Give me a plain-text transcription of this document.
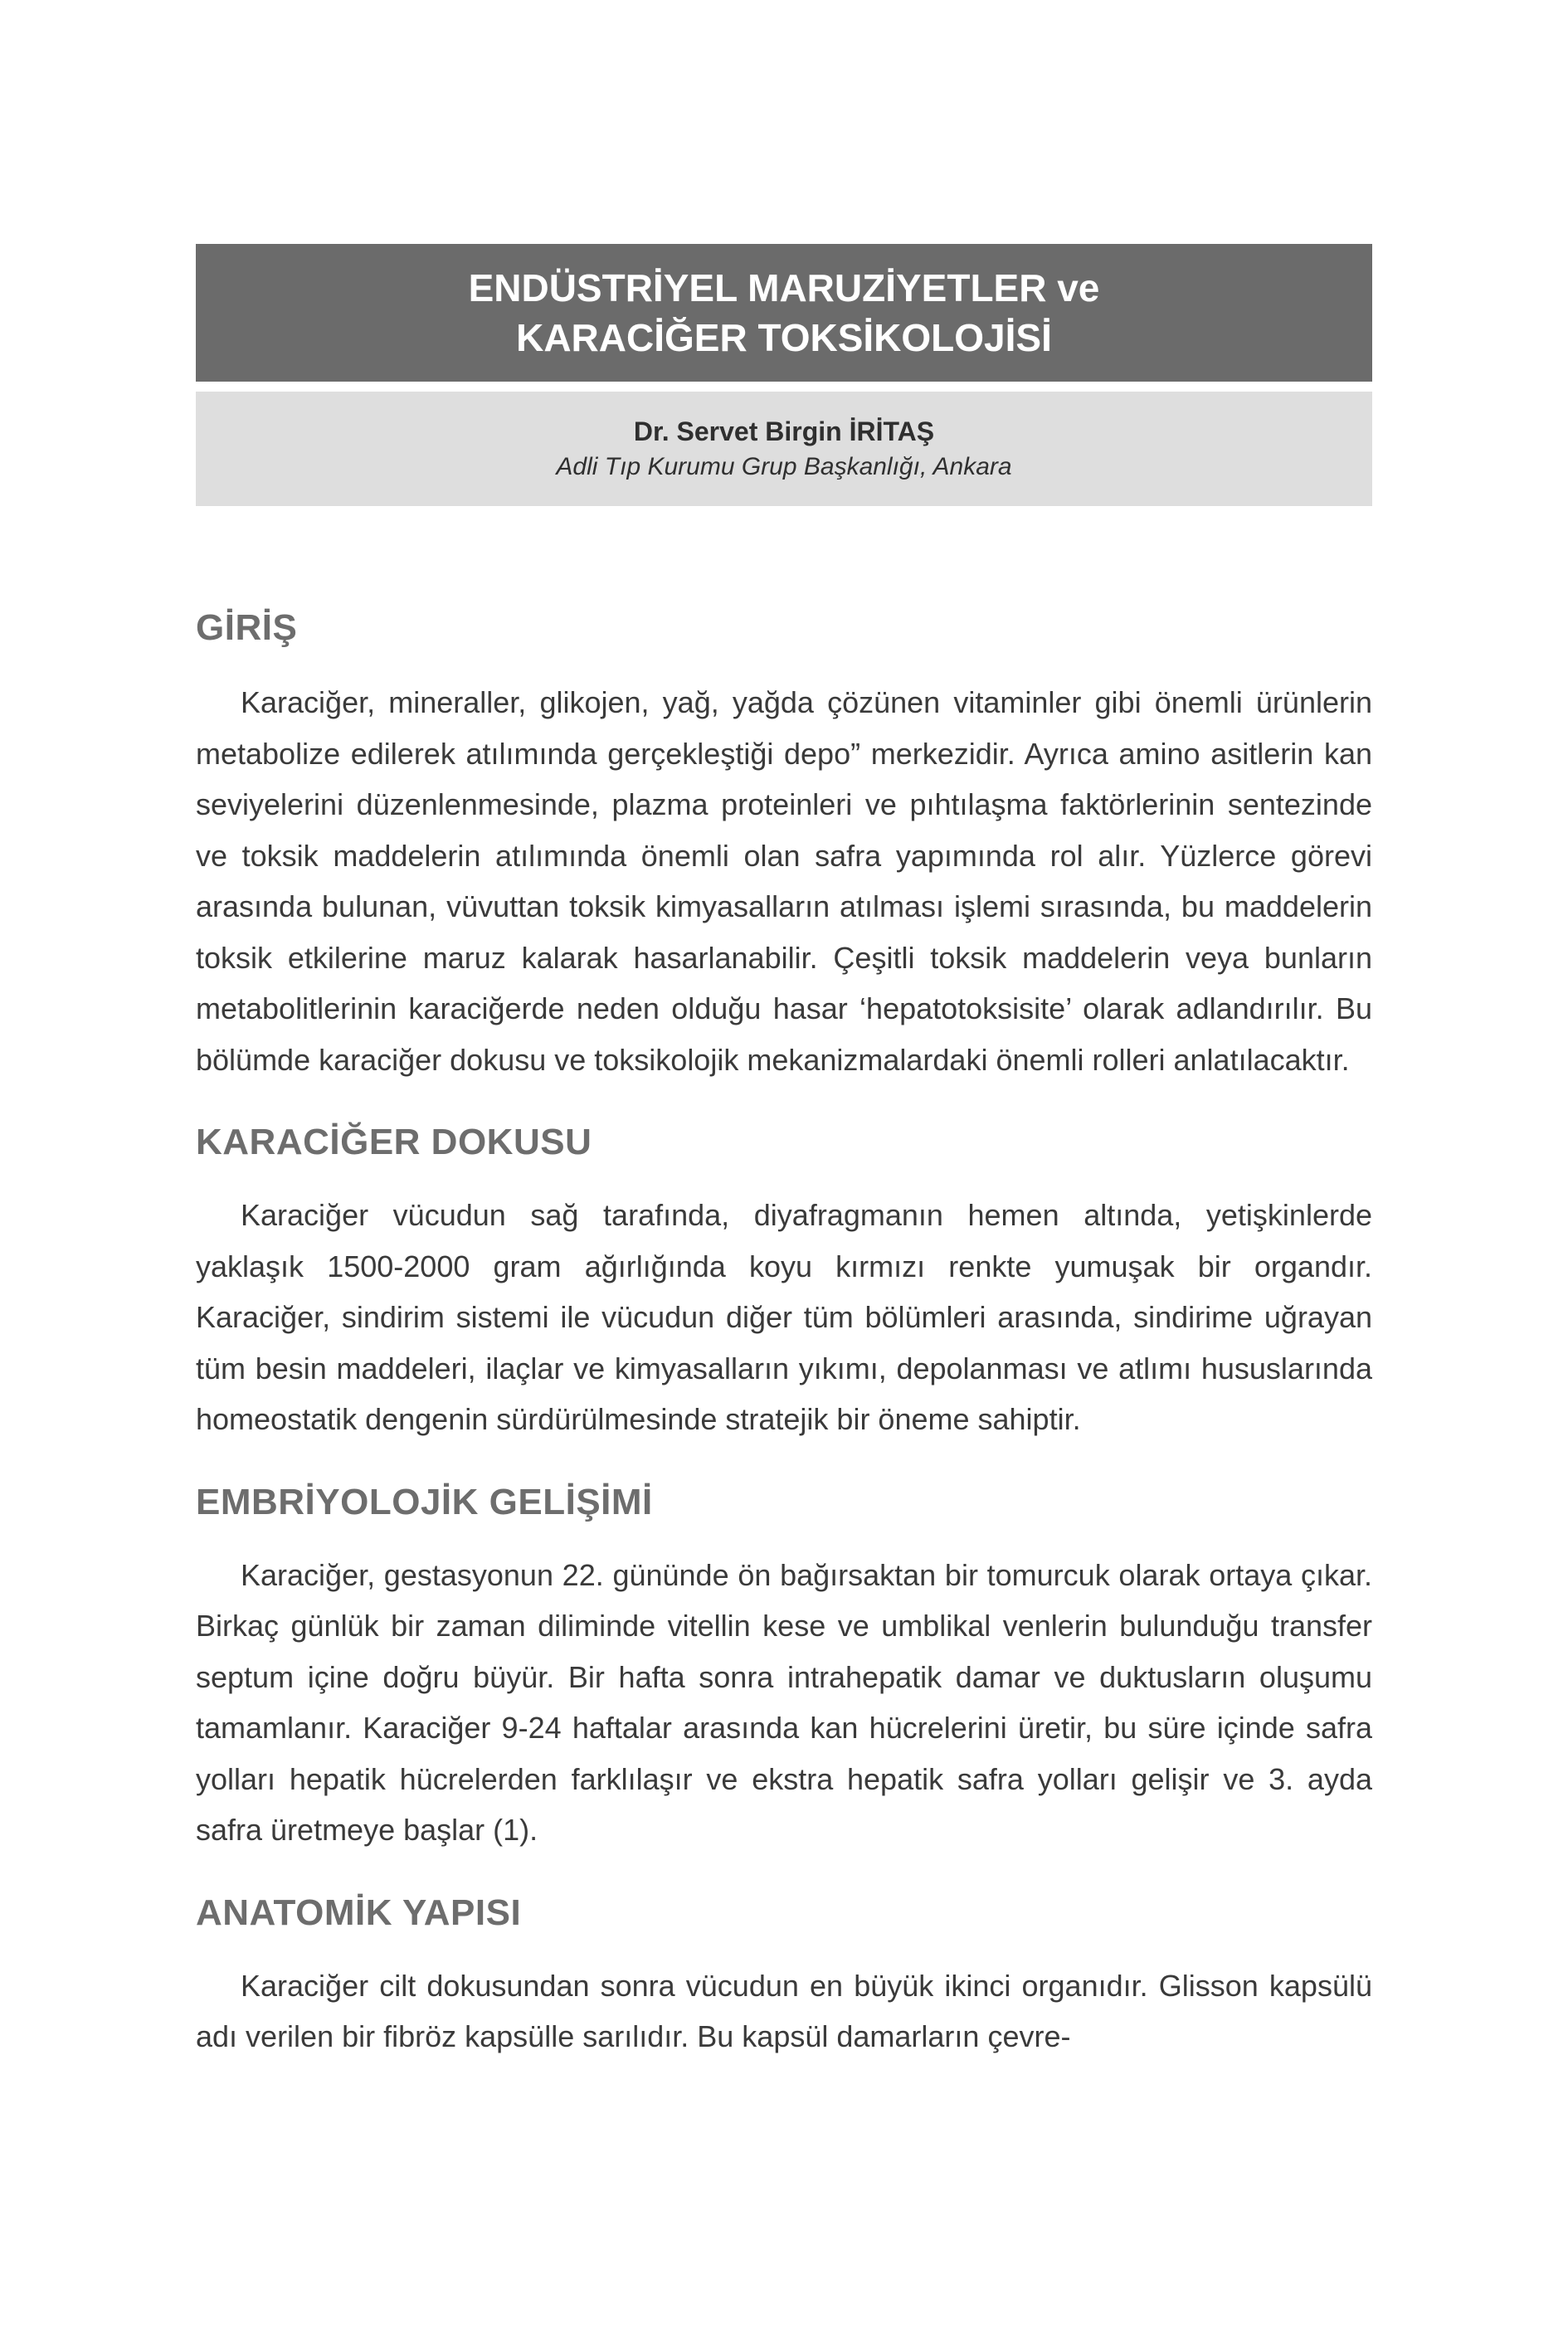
ENDÜSTRİYEL MARUZİYETLER ve
KARACİĞER TOKSİKOLOJİSİ
Dr. Servet Birgin İRİTAŞ
Adli Tıp Kurumu Grup Başkanlığı, Ankara
GİRİŞ

Karaciğer, mineraller, glikojen, yağ, yağda çözünen vitaminler gibi önemli ürünlerin metabolize edilerek atılımında gerçekleştiği depo” merkezidir. Ayrıca amino asitlerin kan seviyelerini düzenlenmesinde, plazma proteinleri ve pıhtılaşma faktörlerinin sentezinde ve toksik maddelerin atılımında önemli olan safra yapımında rol alır. Yüzlerce görevi arasında bulunan, vüvuttan toksik kimyasalların atılması işlemi sırasında, bu maddelerin toksik etkilerine maruz kalarak hasarlanabilir. Çeşitli toksik maddelerin veya bunların metabolitlerinin karaciğerde neden olduğu hasar ‘hepatotoksisite’ olarak adlandırılır. Bu bölümde karaciğer dokusu ve toksikolojik mekanizmalardaki önemli rolleri anlatılacaktır.

KARACİĞER DOKUSU

Karaciğer vücudun sağ tarafında, diyafragmanın hemen altında, yetişkinlerde yaklaşık 1500-2000 gram ağırlığında koyu kırmızı renkte yumuşak bir organdır. Karaciğer, sindirim sistemi ile vücudun diğer tüm bölümleri arasında, sindirime uğrayan tüm besin maddeleri, ilaçlar ve kimyasalların yıkımı, depolanması ve atlımı hususlarında homeostatik dengenin sürdürülmesinde stratejik bir öneme sahiptir.

EMBRİYOLOJİK GELİŞİMİ

Karaciğer, gestasyonun 22. gününde ön bağırsaktan bir tomurcuk olarak ortaya çıkar. Birkaç günlük bir zaman diliminde vitellin kese ve umblikal venlerin bulunduğu transfer septum içine doğru büyür. Bir hafta sonra intrahepatik damar ve duktusların oluşumu tamamlanır. Karaciğer 9-24 haftalar arasında kan hücrelerini üretir, bu süre içinde safra yolları hepatik hücrelerden farklılaşır ve ekstra hepatik safra yolları gelişir ve 3. ayda safra üretmeye başlar (1).

ANATOMİK YAPISI

Karaciğer cilt dokusundan sonra vücudun en büyük ikinci organıdır. Glisson kapsülü adı verilen bir fibröz kapsülle sarılıdır. Bu kapsül damarların çevre-
